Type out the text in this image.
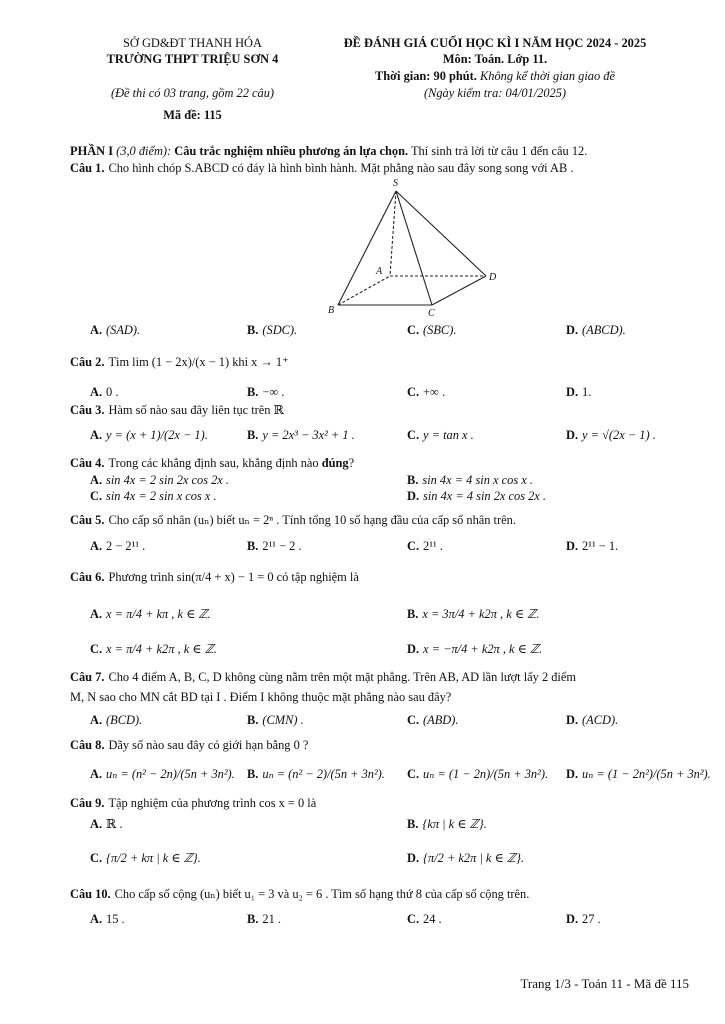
SỞ GD&ĐT THANH HÓA
TRƯỜNG THPT TRIỆU SƠN 4
(Đề thi có 03 trang, gồm 22 câu)
Mã đề: 115
ĐỀ ĐÁNH GIÁ CUỐI HỌC KÌ I NĂM HỌC 2024 - 2025
Môn: Toán. Lớp 11.
Thời gian: 90 phút. Không kể thời gian giao đề
(Ngày kiểm tra: 04/01/2025)
PHẦN I (3,0 điểm): Câu trắc nghiệm nhiều phương án lựa chọn. Thí sinh trả lời từ câu 1 đến câu 12.
Câu 1. Cho hình chóp S.ABCD có đáy là hình bình hành. Mặt phẳng nào sau đây song song với AB .
S
A
B	C
D
A. (SAD).	B. (SDC).	C. (SBC).	D. (ABCD).
Câu 2. Tìm lim (1 − 2x)/(x − 1) khi x → 1⁺
A. 0 .	B. −∞ .	C. +∞ .	D. 1.
Câu 3. Hàm số nào sau đây liên tục trên ℝ
A. y = (x + 1)/(2x − 1).	B. y = 2x³ − 3x² + 1 .	C. y = tan x .	D. y = √(2x − 1) .
Câu 4. Trong các khẳng định sau, khẳng định nào đúng?
A. sin 4x = 2 sin 2x cos 2x .	B. sin 4x = 4 sin x cos x .
C. sin 4x = 2 sin x cos x .	D. sin 4x = 4 sin 2x cos 2x .
Câu 5. Cho cấp số nhân (uₙ) biết uₙ = 2ⁿ . Tính tổng 10 số hạng đầu của cấp số nhân trên.
A. 2 − 2¹¹ .	B. 2¹¹ − 2 .	C. 2¹¹ .	D. 2¹¹ − 1.
Câu 6. Phương trình sin(π/4 + x) − 1 = 0 có tập nghiệm là
A. x = π/4 + kπ , k ∈ ℤ.	B. x = 3π/4 + k2π , k ∈ ℤ.
C. x = π/4 + k2π , k ∈ ℤ.	D. x = −π/4 + k2π , k ∈ ℤ.
Câu 7. Cho 4 điểm A, B, C, D không cùng nằm trên một mặt phẳng. Trên AB, AD lần lượt lấy 2 điểm
M, N sao cho MN cắt BD tại I . Điểm I không thuộc mặt phẳng nào sau đây?
A. (BCD).	B. (CMN) .	C. (ABD).	D. (ACD).
Câu 8. Dãy số nào sau đây có giới hạn bằng 0 ?
A. uₙ = (n² − 2n)/(5n + 3n²). B. uₙ = (n² − 2)/(5n + 3n²). C. uₙ = (1 − 2n)/(5n + 3n²). D. uₙ = (1 − 2n²)/(5n + 3n²).
Câu 9. Tập nghiệm của phương trình cos x = 0 là
A. ℝ .	B. {kπ | k ∈ ℤ}.
C. {π/2 + kπ | k ∈ ℤ}.	D. {π/2 + k2π | k ∈ ℤ}.
Câu 10. Cho cấp số cộng (uₙ) biết u₁ = 3 và u₂ = 6 . Tìm số hạng thứ 8 của cấp số cộng trên.
A. 15 .	B. 21 .	C. 24 .	D. 27 .
Trang 1/3 - Toán 11 - Mã đề 115
